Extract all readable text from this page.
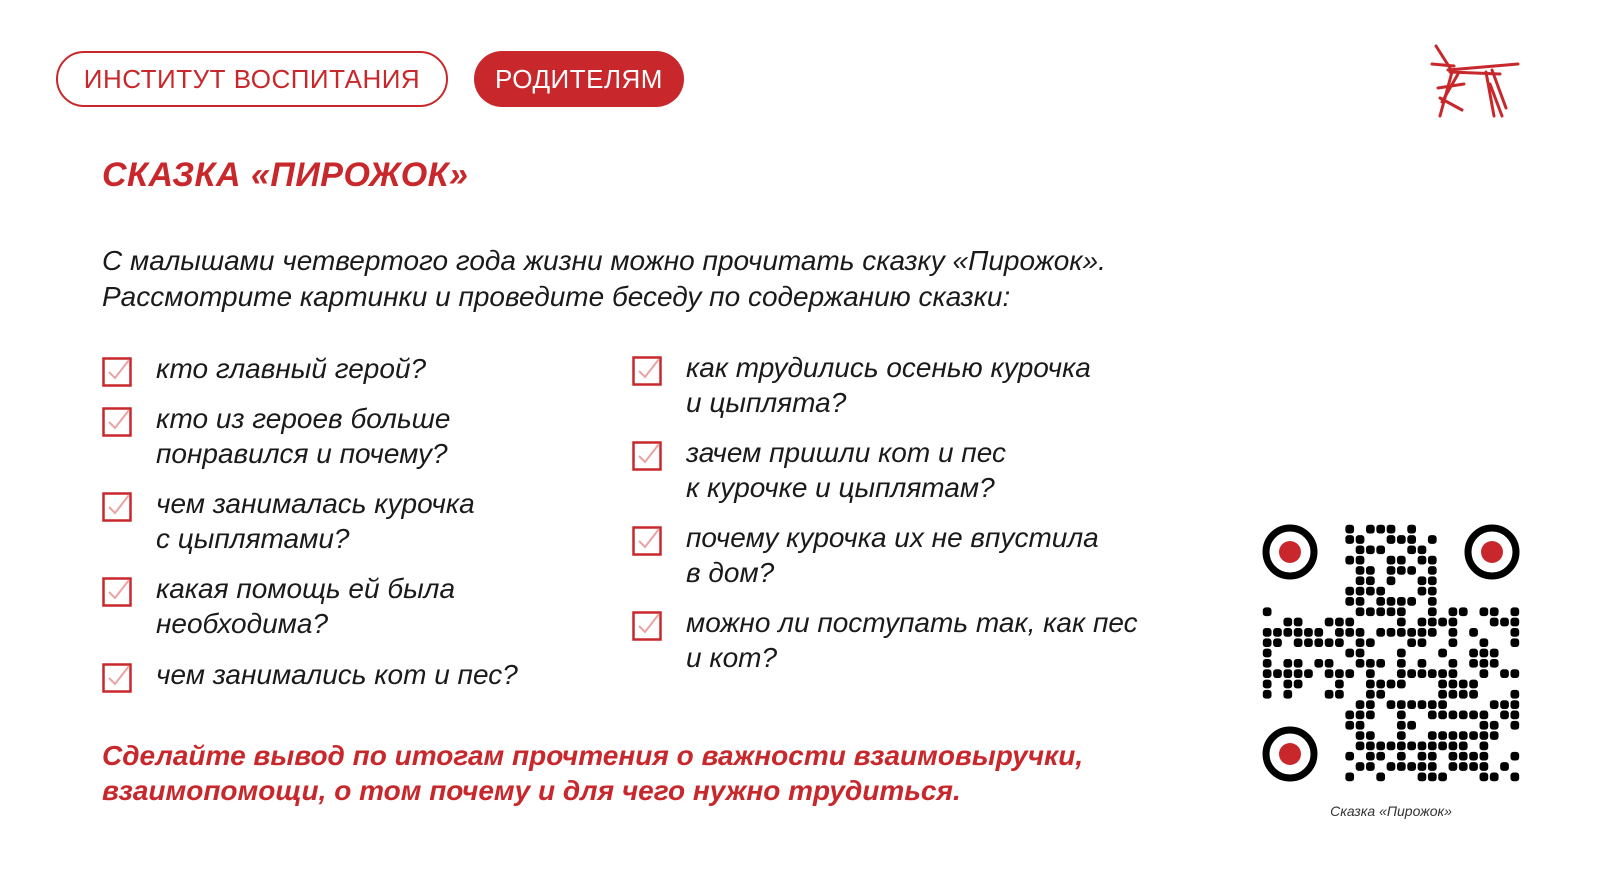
ИНСТИТУТ ВОСПИТАНИЯ	РОДИТЕЛЯМ
СКАЗКА «ПИРОЖОК»
С малышами четвертого года жизни можно прочитать сказку «Пирожок».
Рассмотрите картинки и проведите беседу по содержанию сказки:
кто главный герой?
кто из героев больше
понравился и почему?
чем занималась курочка
с цыплятами?
какая помощь ей была
необходима?
чем занимались кот и пес?
как трудились осенью курочка
и цыплята?
зачем пришли кот и пес
к курочке и цыплятам?
почему курочка их не впустила
в дом?
можно ли поступать так, как пес
и кот?
Сделайте вывод по итогам прочтения о важности взаимовыручки,
взаимопомощи, о том почему и для чего нужно трудиться.
Сказка «Пирожок»
